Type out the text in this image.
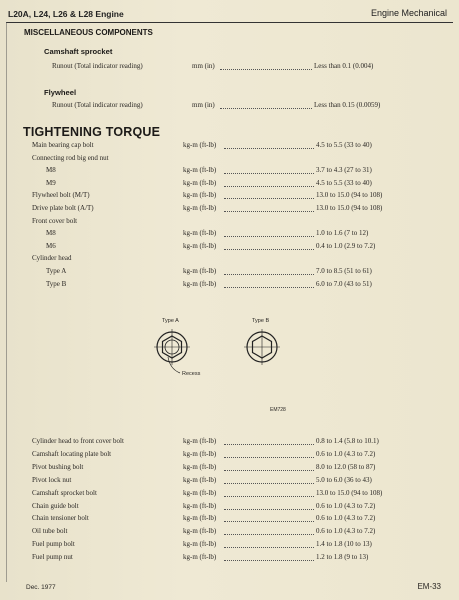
L20A, L24, L26 & L28 Engine	Engine Mechanical
MISCELLANEOUS COMPONENTS
Camshaft sprocket
Runout (Total indicator reading)	mm (in)	Less than 0.1 (0.004)
Flywheel
Runout (Total indicator reading)	mm (in)	Less than 0.15 (0.0059)
TIGHTENING TORQUE
Main bearing cap bolt	kg-m (ft-lb)	4.5 to 5.5 (33 to 40)
Connecting rod big end nut
M8	kg-m (ft-lb)	3.7 to 4.3 (27 to 31)
M9	kg-m (ft-lb)	4.5 to 5.5 (33 to 40)
Flywheel bolt (M/T)	kg-m (ft-lb)	13.0 to 15.0 (94 to 108)
Drive plate bolt (A/T)	kg-m (ft-lb)	13.0 to 15.0 (94 to 108)
Front cover bolt
M8	kg-m (ft-lb)	1.0 to 1.6 (7 to 12)
M6	kg-m (ft-lb)	0.4 to 1.0 (2.9 to 7.2)
Cylinder head
Type A	kg-m (ft-lb)	7.0 to 8.5 (51 to 61)
Type B	kg-m (ft-lb)	6.0 to 7.0 (43 to 51)
Type A	Type B
Recess
EM728
Cylinder head to front cover bolt	kg-m (ft-lb)	0.8 to 1.4 (5.8 to 10.1)
Camshaft locating plate bolt	kg-m (ft-lb)	0.6 to 1.0 (4.3 to 7.2)
Pivot bushing bolt	kg-m (ft-lb)	8.0 to 12.0 (58 to 87)
Pivot lock nut	kg-m (ft-lb)	5.0 to 6.0 (36 to 43)
Camshaft sprocket bolt	kg-m (ft-lb)	13.0 to 15.0 (94 to 108)
Chain guide bolt	kg-m (ft-lb)	0.6 to 1.0 (4.3 to 7.2)
Chain tensioner bolt	kg-m (ft-lb)	0.6 to 1.0 (4.3 to 7.2)
Oil tube bolt	kg-m (ft-lb)	0.6 to 1.0 (4.3 to 7.2)
Fuel pump bolt	kg-m (ft-lb)	1.4 to 1.8 (10 to 13)
Fuel pump nut	kg-m (ft-lb)	1.2 to 1.8 (9 to 13)
Dec. 1977	EM-33
